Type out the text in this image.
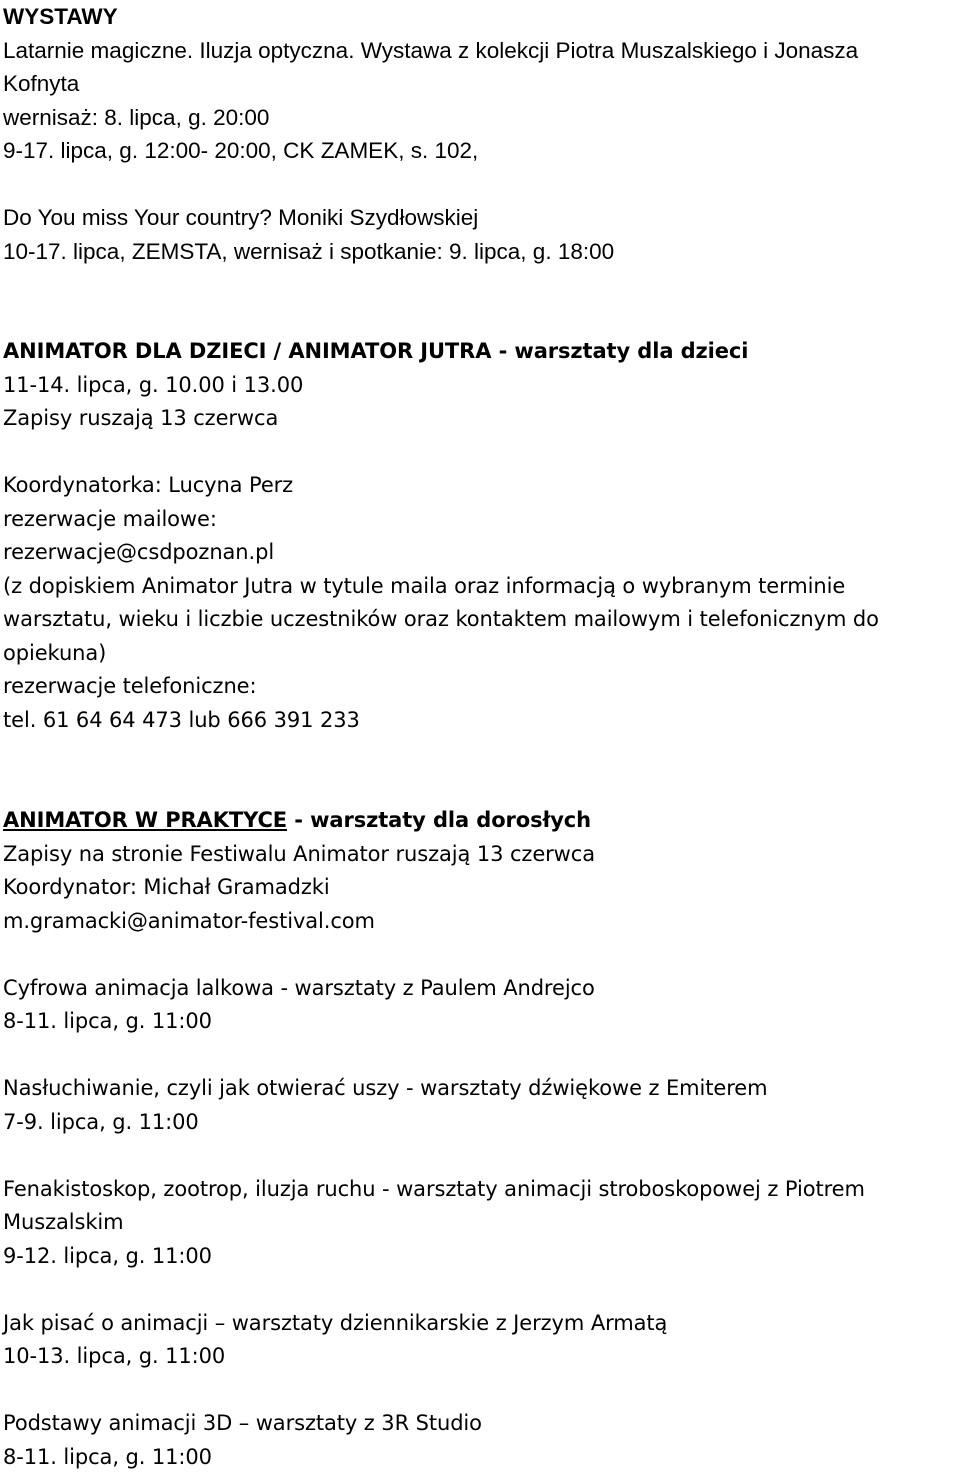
WYSTAWY
Latarnie magiczne. Iluzja optyczna. Wystawa z kolekcji Piotra Muszalskiego i Jonasza
Kofnyta
wernisaż: 8. lipca, g. 20:00
9-17. lipca, g. 12:00- 20:00, CK ZAMEK, s. 102,
Do You miss Your country? Moniki Szydłowskiej
10-17. lipca, ZEMSTA, wernisaż i spotkanie: 9. lipca, g. 18:00
ANIMATOR DLA DZIECI / ANIMATOR JUTRA - warsztaty dla dzieci
11-14. lipca, g. 10.00 i 13.00
Zapisy ruszają 13 czerwca
Koordynatorka: Lucyna Perz
rezerwacje mailowe:
rezerwacje@csdpoznan.pl
(z dopiskiem Animator Jutra w tytule maila oraz informacją o wybranym terminie
warsztatu, wieku i liczbie uczestników oraz kontaktem mailowym i telefonicznym do
opiekuna)
rezerwacje telefoniczne:
tel. 61 64 64 473 lub 666 391 233
ANIMATOR W PRAKTYCE - warsztaty dla dorosłych
Zapisy na stronie Festiwalu Animator ruszają 13 czerwca
Koordynator: Michał Gramadzki
m.gramacki@animator-festival.com
Cyfrowa animacja lalkowa - warsztaty z Paulem Andrejco
8-11. lipca, g. 11:00
Nasłuchiwanie, czyli jak otwierać uszy - warsztaty dźwiękowe z Emiterem
7-9. lipca, g. 11:00
Fenakistoskop, zootrop, iluzja ruchu - warsztaty animacji stroboskopowej z Piotrem
Muszalskim
9-12. lipca, g. 11:00
Jak pisać o animacji – warsztaty dziennikarskie z Jerzym Armatą
10-13. lipca, g. 11:00
Podstawy animacji 3D – warsztaty z 3R Studio
8-11. lipca, g. 11:00
